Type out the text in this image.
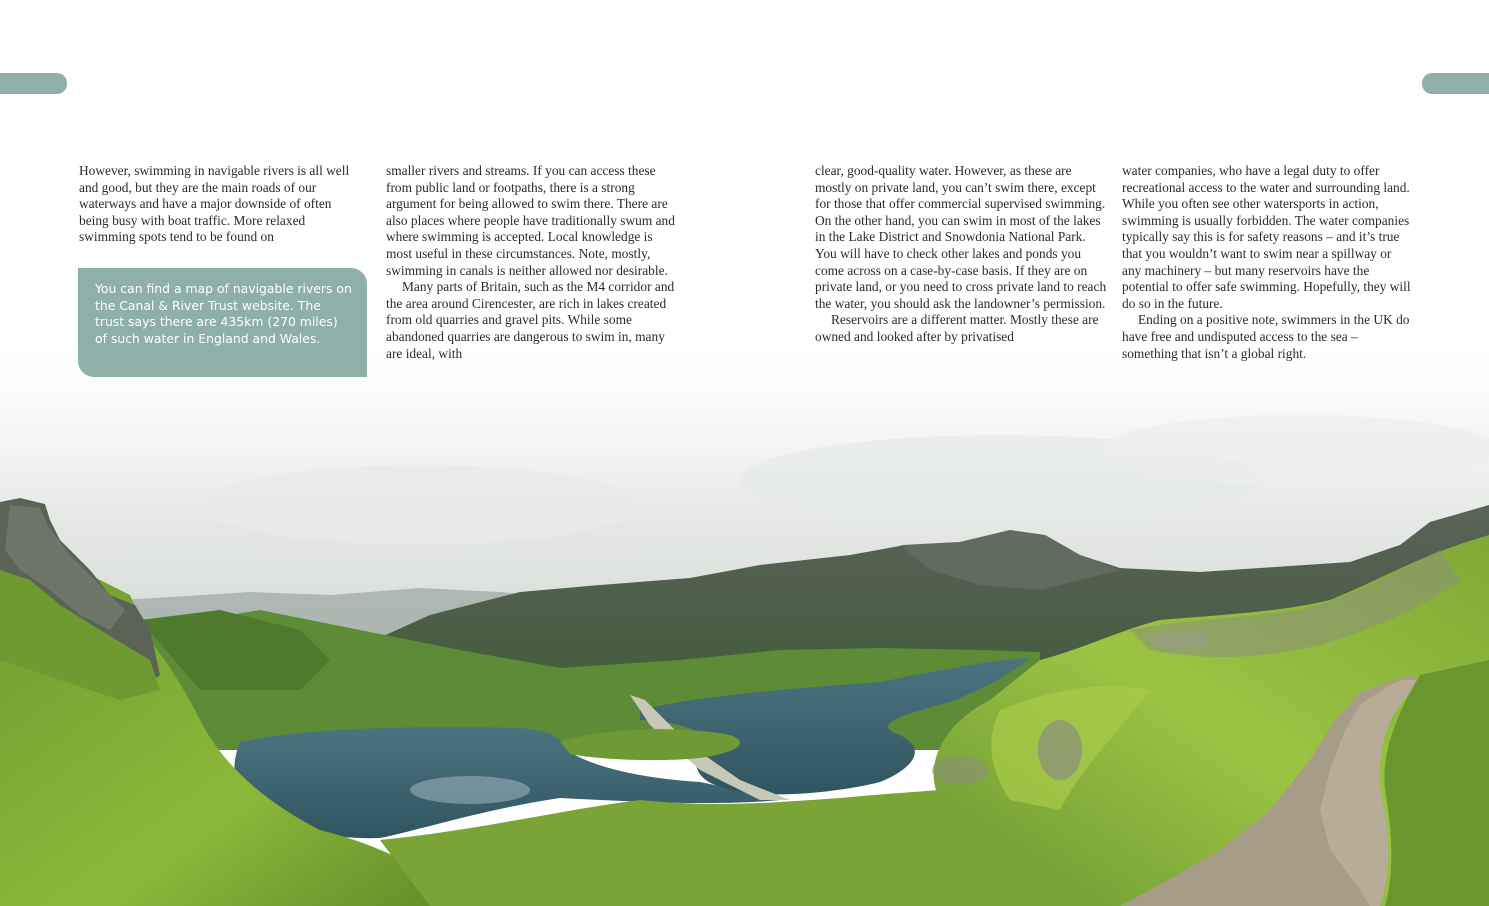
However, swimming in navigable rivers is all well and good, but they are the main roads of our waterways and have a major downside of often being busy with boat traffic. More relaxed swimming spots tend to be found on

You can find a map of navigable rivers on the Canal & River Trust website. The trust says there are 435km (270 miles) of such water in England and Wales.

smaller rivers and streams. If you can access these from public land or footpaths, there is a strong argument for being allowed to swim there. There are also places where people have traditionally swum and where swimming is accepted. Local knowledge is most useful in these circumstances. Note, mostly, swimming in canals is neither allowed nor desirable.

Many parts of Britain, such as the M4 corridor and the area around Cirencester, are rich in lakes created from old quarries and gravel pits. While some abandoned quarries are dangerous to swim in, many are ideal, with

clear, good-quality water. However, as these are mostly on private land, you can’t swim there, except for those that offer commercial supervised swimming. On the other hand, you can swim in most of the lakes in the Lake District and Snowdonia National Park. You will have to check other lakes and ponds you come across on a case-by-case basis. If they are on private land, or you need to cross private land to reach the water, you should ask the landowner’s permission.

Reservoirs are a different matter. Mostly these are owned and looked after by privatised

water companies, who have a legal duty to offer recreational access to the water and surrounding land. While you often see other watersports in action, swimming is usually forbidden. The water companies typically say this is for safety reasons – and it’s true that you wouldn’t want to swim near a spillway or any machinery – but many reservoirs have the potential to offer safe swimming. Hopefully, they will do so in the future.

Ending on a positive note, swimmers in the UK do have free and undisputed access to the sea – something that isn’t a global right.
